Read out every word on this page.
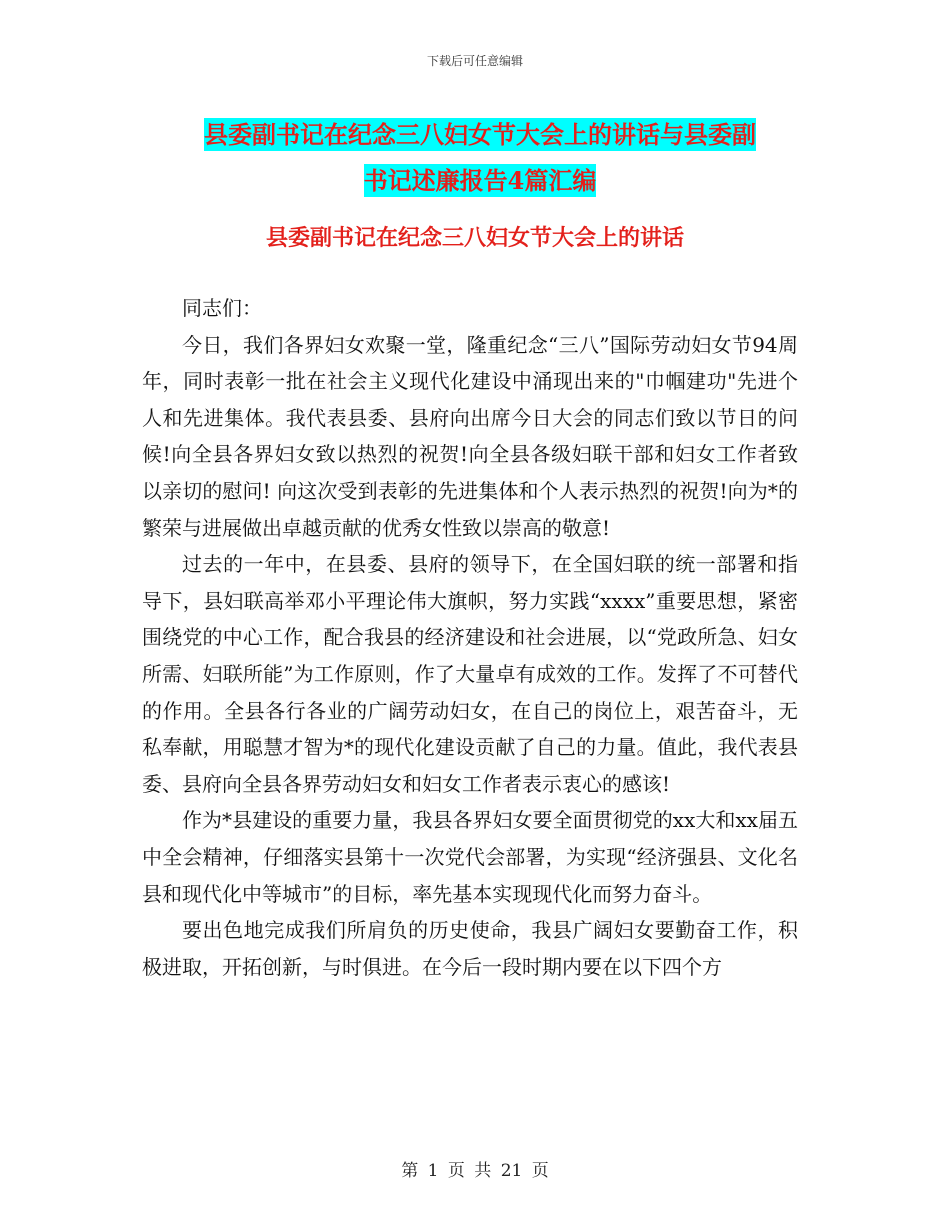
下载后可任意编辑
县委副书记在纪念三八妇女节大会上的讲话与县委副
书记述廉报告4篇汇编
县委副书记在纪念三八妇女节大会上的讲话

同志们：

今日，我们各界妇女欢聚一堂，隆重纪念“三八”国际劳动妇女节94周年，同时表彰一批在社会主义现代化建设中涌现出来的"巾帼建功"先进个人和先进集体。我代表县委、县府向出席今日大会的同志们致以节日的问候!向全县各界妇女致以热烈的祝贺!向全县各级妇联干部和妇女工作者致以亲切的慰问! 向这次受到表彰的先进集体和个人表示热烈的祝贺!向为*的繁荣与进展做出卓越贡献的优秀女性致以崇高的敬意!

过去的一年中，在县委、县府的领导下，在全国妇联的统一部署和指导下，县妇联高举邓小平理论伟大旗帜，努力实践“xxxx”重要思想，紧密围绕党的中心工作，配合我县的经济建设和社会进展，以“党政所急、妇女所需、妇联所能”为工作原则，作了大量卓有成效的工作。发挥了不可替代的作用。全县各行各业的广阔劳动妇女，在自己的岗位上，艰苦奋斗，无私奉献，用聪慧才智为*的现代化建设贡献了自己的力量。值此，我代表县委、县府向全县各界劳动妇女和妇女工作者表示衷心的感该!

作为*县建设的重要力量，我县各界妇女要全面贯彻党的xx大和xx届五中全会精神，仔细落实县第十一次党代会部署，为实现“经济强县、文化名县和现代化中等城市”的目标，率先基本实现现代化而努力奋斗。

要出色地完成我们所肩负的历史使命，我县广阔妇女要勤奋工作，积极进取，开拓创新，与时俱进。在今后一段时期内要在以下四个方

第 1 页 共 21 页
